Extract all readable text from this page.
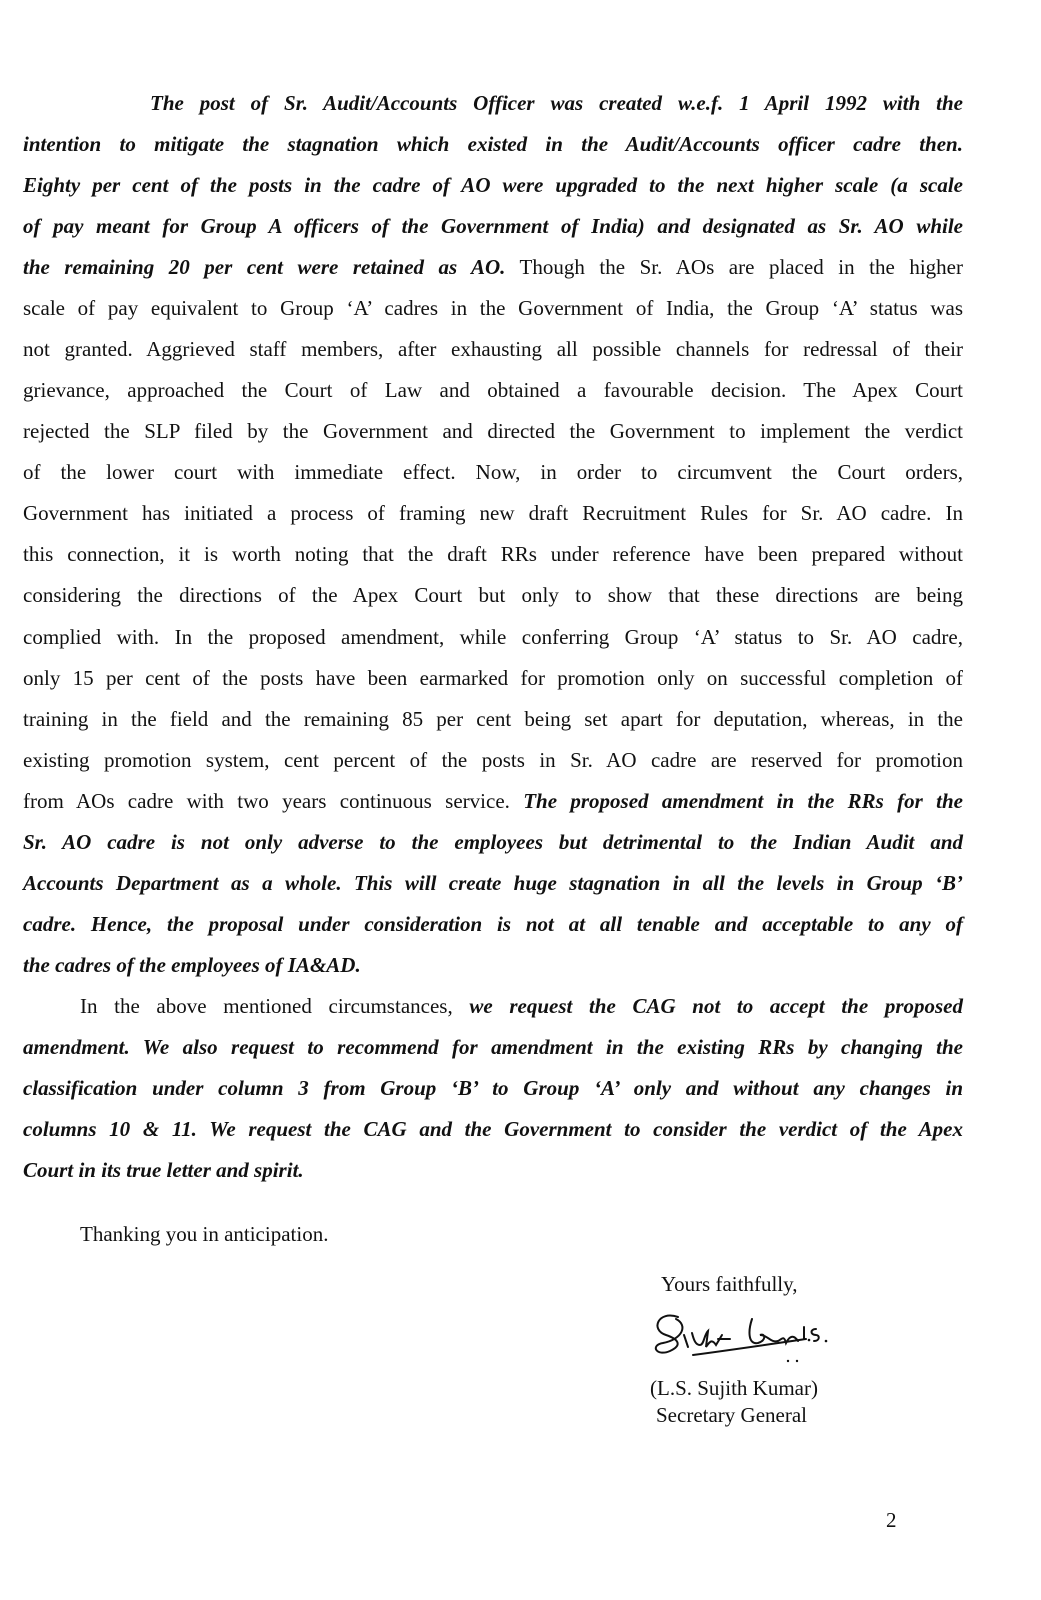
The post of Sr. Audit/Accounts Officer was created w.e.f. 1 April 1992 with the
intention to mitigate the stagnation which existed in the Audit/Accounts officer cadre then.
Eighty per cent of the posts in the cadre of AO were upgraded to the next higher scale (a scale
of pay meant for Group A officers of the Government of India) and designated as Sr. AO while
the remaining 20 per cent were retained as AO. Though the Sr. AOs are placed in the higher
scale of pay equivalent to Group ‘A’ cadres in the Government of India, the Group ‘A’ status was
not granted. Aggrieved staff members, after exhausting all possible channels for redressal of their
grievance, approached the Court of Law and obtained a favourable decision. The Apex Court
rejected the SLP filed by the Government and directed the Government to implement the verdict
of the lower court with immediate effect. Now, in order to circumvent the Court orders,
Government has initiated a process of framing new draft Recruitment Rules for Sr. AO cadre. In
this connection, it is worth noting that the draft RRs under reference have been prepared without
considering the directions of the Apex Court but only to show that these directions are being
complied with. In the proposed amendment, while conferring Group ‘A’ status to Sr. AO cadre,
only 15 per cent of the posts have been earmarked for promotion only on successful completion of
training in the field and the remaining 85 per cent being set apart for deputation, whereas, in the
existing promotion system, cent percent of the posts in Sr. AO cadre are reserved for promotion
from AOs cadre with two years continuous service. The proposed amendment in the RRs for the
Sr. AO cadre is not only adverse to the employees but detrimental to the Indian Audit and
Accounts Department as a whole. This will create huge stagnation in all the levels in Group ‘B’
cadre. Hence, the proposal under consideration is not at all tenable and acceptable to any of
the cadres of the employees of IA&AD.
In the above mentioned circumstances, we request the CAG not to accept the proposed
amendment. We also request to recommend for amendment in the existing RRs by changing the
classification under column 3 from Group ‘B’ to Group ‘A’ only and without any changes in
columns 10 & 11. We request the CAG and the Government to consider the verdict of the Apex
Court in its true letter and spirit.
Thanking you in anticipation.
Yours faithfully,
(L.S. Sujith Kumar)
Secretary General
2
